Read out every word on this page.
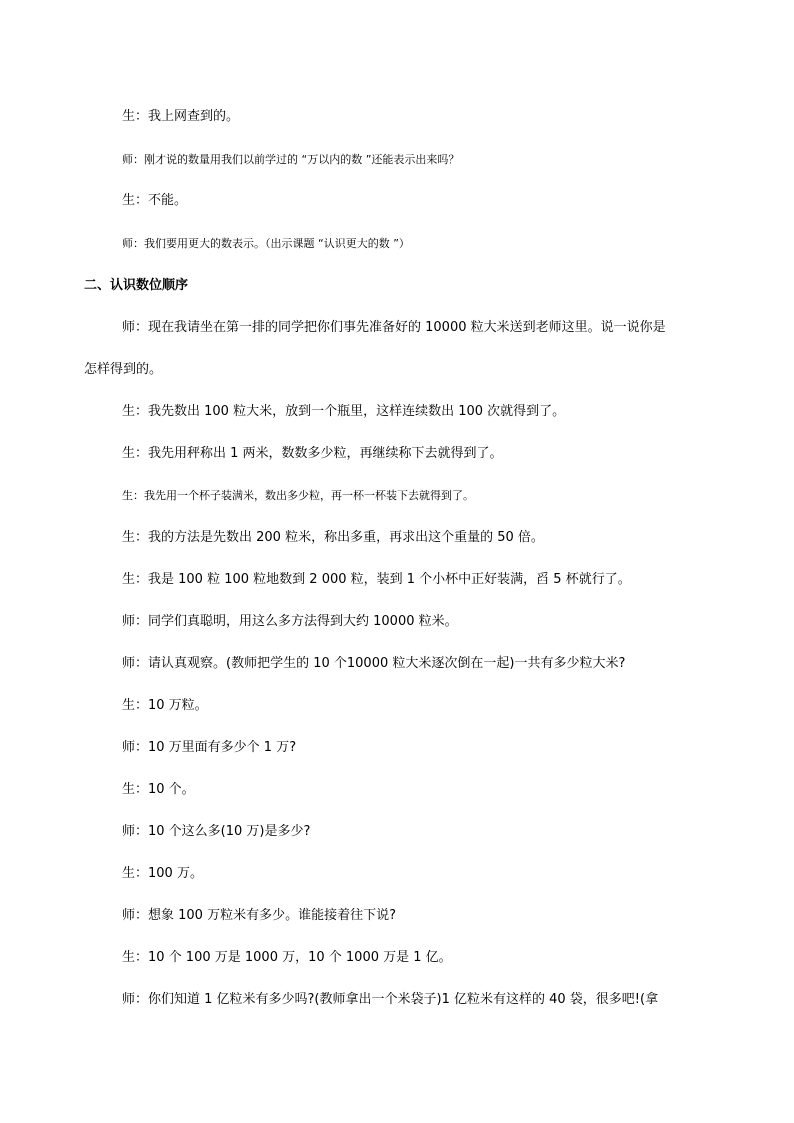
生：我上网查到的。
师：刚才说的数量用我们以前学过的 “万以内的数 ”还能表示出来吗？
生：不能。
师：我们要用更大的数表示。（出示课题 “认识更大的数 ”）
二、认识数位顺序
师：现在我请坐在第一排的同学把你们事先准备好的 10000 粒大米送到老师这里。说一说你是
怎样得到的。
生：我先数出 100 粒大米，放到一个瓶里，这样连续数出 100 次就得到了。
生：我先用秤称出 1 两米，数数多少粒，再继续称下去就得到了。
生：我先用一个杯子装满米，数出多少粒，再一杯一杯装下去就得到了。
生：我的方法是先数出 200 粒米，称出多重，再求出这个重量的 50 倍。
生：我是 100 粒 100 粒地数到 2 000 粒，装到 1 个小杯中正好装满，舀 5 杯就行了。
师：同学们真聪明，用这么多方法得到大约 10000 粒米。
师：请认真观察。(教师把学生的 10 个10000 粒大米逐次倒在一起)一共有多少粒大米?
生：10 万粒。
师：10 万里面有多少个 1 万?
生：10 个。
师：10 个这么多(10 万)是多少?
生：100 万。
师：想象 100 万粒米有多少。谁能接着往下说?
生：10 个 100 万是 1000 万，10 个 1000 万是 1 亿。
师：你们知道 1 亿粒米有多少吗?(教师拿出一个米袋子)1 亿粒米有这样的 40 袋，很多吧!(拿
